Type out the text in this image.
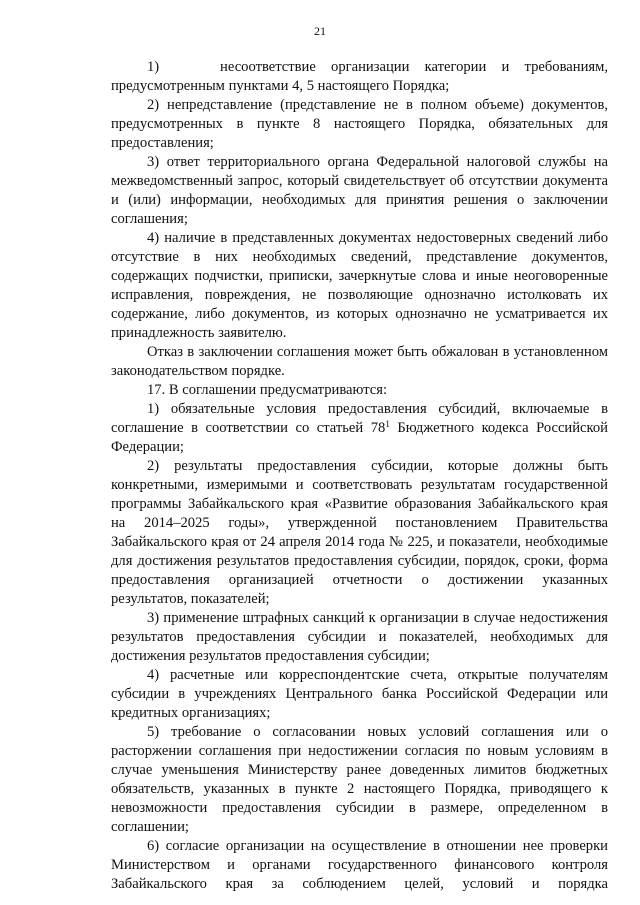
21

1)    несоответствие организации категории и требованиям, предусмотренным пунктами 4, 5 настоящего Порядка;

2) непредставление (представление не в полном объеме) документов, предусмотренных в пункте 8 настоящего Порядка, обязательных для предоставления;

3) ответ территориального органа Федеральной налоговой службы на межведомственный запрос, который свидетельствует об отсутствии документа и (или) информации, необходимых для принятия решения о заключении соглашения;

4) наличие в представленных документах недостоверных сведений либо отсутствие в них необходимых сведений, представление документов, содержащих подчистки, приписки, зачеркнутые слова и иные неоговоренные исправления, повреждения, не позволяющие однозначно истолковать их содержание, либо документов, из которых однозначно не усматривается их принадлежность заявителю.

Отказ в заключении соглашения может быть обжалован в установленном законодательством порядке.

17. В соглашении предусматриваются:

1) обязательные условия предоставления субсидий, включаемые в соглашение в соответствии со статьей $78^1$ Бюджетного кодекса Российской Федерации;

2) результаты предоставления субсидии, которые должны быть конкретными, измеримыми и соответствовать результатам государственной программы Забайкальского края «Развитие образования Забайкальского края на 2014–2025 годы», утвержденной постановлением Правительства Забайкальского края от 24 апреля 2014 года № 225, и показатели, необходимые для достижения результатов предоставления субсидии, порядок, сроки, форма предоставления организацией отчетности о достижении указанных результатов, показателей;

3) применение штрафных санкций к организации в случае недостижения результатов предоставления субсидии и показателей, необходимых для достижения результатов предоставления субсидии;

4) расчетные или корреспондентские счета, открытые получателям субсидии в учреждениях Центрального банка Российской Федерации или кредитных организациях;

5) требование о согласовании новых условий соглашения или о расторжении соглашения при недостижении согласия по новым условиям в случае уменьшения Министерству ранее доведенных лимитов бюджетных обязательств, указанных в пункте 2 настоящего Порядка, приводящего к невозможности предоставления субсидии в размере, определенном в соглашении;

6) согласие организации на осуществление в отношении нее проверки Министерством и органами государственного финансового контроля Забайкальского края за соблюдением целей, условий и порядка
